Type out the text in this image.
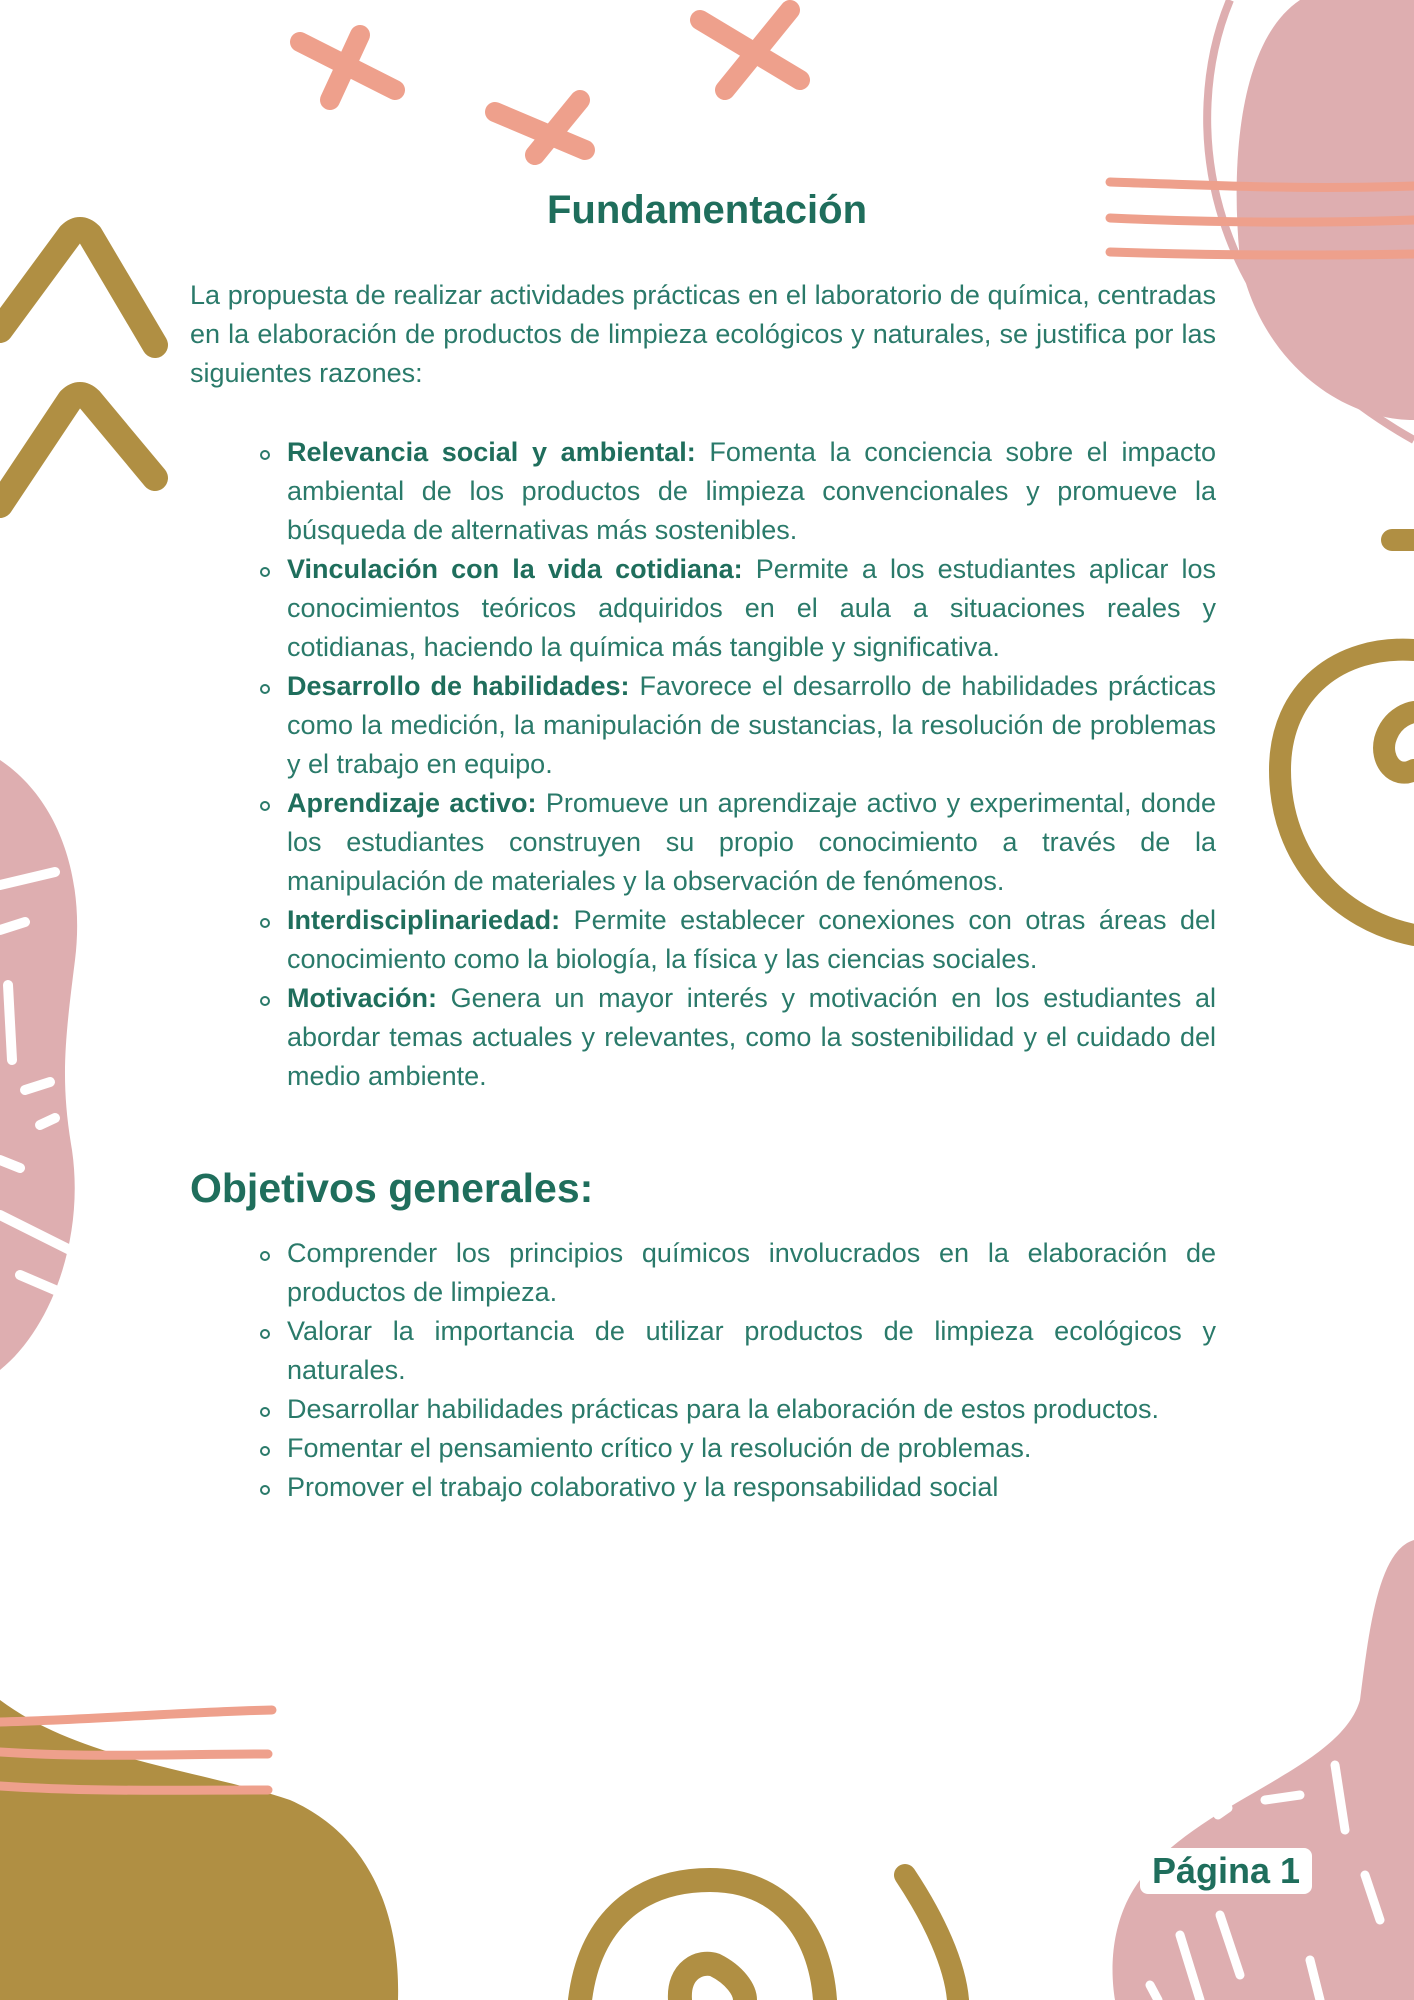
Fundamentación

La propuesta de realizar actividades prácticas en el laboratorio de química, centradas en la elaboración de productos de limpieza ecológicos y naturales, se justifica por las siguientes razones:

Relevancia social y ambiental: Fomenta la conciencia sobre el impacto ambiental de los productos de limpieza convencionales y promueve la búsqueda de alternativas más sostenibles.
Vinculación con la vida cotidiana: Permite a los estudiantes aplicar los conocimientos teóricos adquiridos en el aula a situaciones reales y cotidianas, haciendo la química más tangible y significativa.
Desarrollo de habilidades: Favorece el desarrollo de habilidades prácticas como la medición, la manipulación de sustancias, la resolución de problemas y el trabajo en equipo.
Aprendizaje activo: Promueve un aprendizaje activo y experimental, donde los estudiantes construyen su propio conocimiento a través de la manipulación de materiales y la observación de fenómenos.
Interdisciplinariedad: Permite establecer conexiones con otras áreas del conocimiento como la biología, la física y las ciencias sociales.
Motivación: Genera un mayor interés y motivación en los estudiantes al abordar temas actuales y relevantes, como la sostenibilidad y el cuidado del medio ambiente.
Objetivos generales:
Comprender los principios químicos involucrados en la elaboración de productos de limpieza.
Valorar la importancia de utilizar productos de limpieza ecológicos y naturales.
Desarrollar habilidades prácticas para la elaboración de estos productos.
Fomentar el pensamiento crítico y la resolución de problemas.
Promover el trabajo colaborativo y la responsabilidad social
Página 1
